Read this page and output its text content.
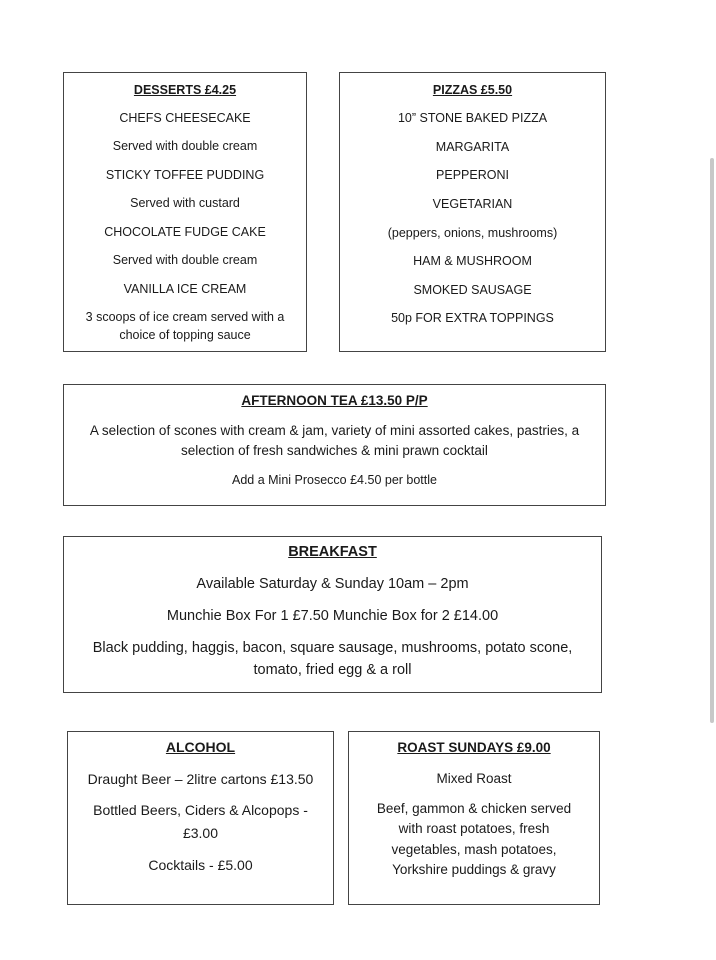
DESSERTS £4.25

CHEFS CHEESECAKE

Served with double cream

STICKY TOFFEE PUDDING

Served with custard

CHOCOLATE FUDGE CAKE

Served with double cream

VANILLA ICE CREAM

3 scoops of ice cream served with a

choice of topping sauce

PIZZAS £5.50

10” STONE BAKED PIZZA

MARGARITA

PEPPERONI

VEGETARIAN

(peppers, onions, mushrooms)

HAM & MUSHROOM

SMOKED SAUSAGE

50p FOR EXTRA TOPPINGS

AFTERNOON TEA £13.50 P/P

A selection of scones with cream & jam, variety of mini assorted cakes, pastries, a

selection of fresh sandwiches & mini prawn cocktail

Add a Mini Prosecco £4.50 per bottle

BREAKFAST

Available Saturday & Sunday 10am – 2pm

Munchie Box For 1 £7.50 Munchie Box for 2 £14.00

Black pudding, haggis, bacon, square sausage, mushrooms, potato scone,

tomato, fried egg & a roll

ALCOHOL

Draught Beer – 2litre cartons £13.50

Bottled Beers, Ciders & Alcopops -

£3.00

Cocktails - £5.00

ROAST SUNDAYS £9.00

Mixed Roast

Beef, gammon & chicken served

with roast potatoes, fresh

vegetables, mash potatoes,

Yorkshire puddings & gravy
